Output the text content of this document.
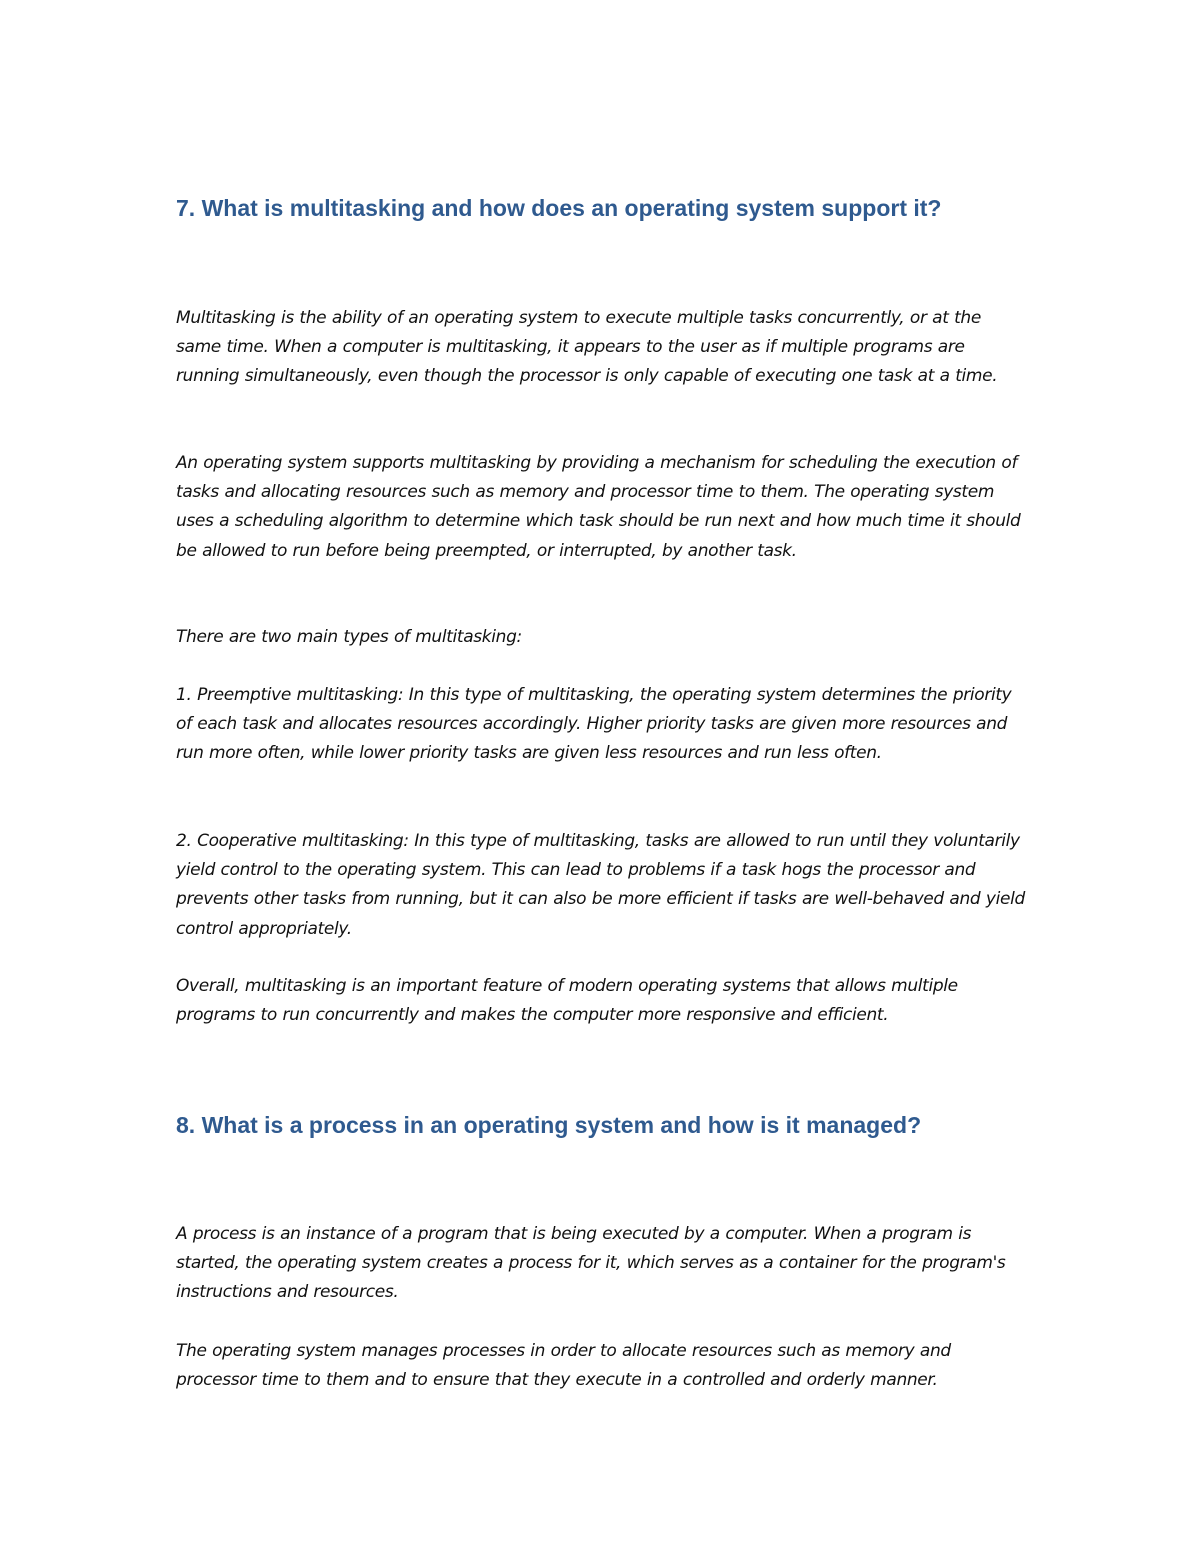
7. What is multitasking and how does an operating system support it?

Multitasking is the ability of an operating system to execute multiple tasks concurrently, or at the same time. When a computer is multitasking, it appears to the user as if multiple programs are running simultaneously, even though the processor is only capable of executing one task at a time.

An operating system supports multitasking by providing a mechanism for scheduling the execution of tasks and allocating resources such as memory and processor time to them. The operating system uses a scheduling algorithm to determine which task should be run next and how much time it should be allowed to run before being preempted, or interrupted, by another task.

There are two main types of multitasking:

1. Preemptive multitasking: In this type of multitasking, the operating system determines the priority of each task and allocates resources accordingly. Higher priority tasks are given more resources and run more often, while lower priority tasks are given less resources and run less often.

2. Cooperative multitasking: In this type of multitasking, tasks are allowed to run until they voluntarily yield control to the operating system. This can lead to problems if a task hogs the processor and prevents other tasks from running, but it can also be more efficient if tasks are well-behaved and yield control appropriately.

Overall, multitasking is an important feature of modern operating systems that allows multiple programs to run concurrently and makes the computer more responsive and efficient.

8. What is a process in an operating system and how is it managed?

A process is an instance of a program that is being executed by a computer. When a program is started, the operating system creates a process for it, which serves as a container for the program's instructions and resources.

The operating system manages processes in order to allocate resources such as memory and processor time to them and to ensure that they execute in a controlled and orderly manner.
